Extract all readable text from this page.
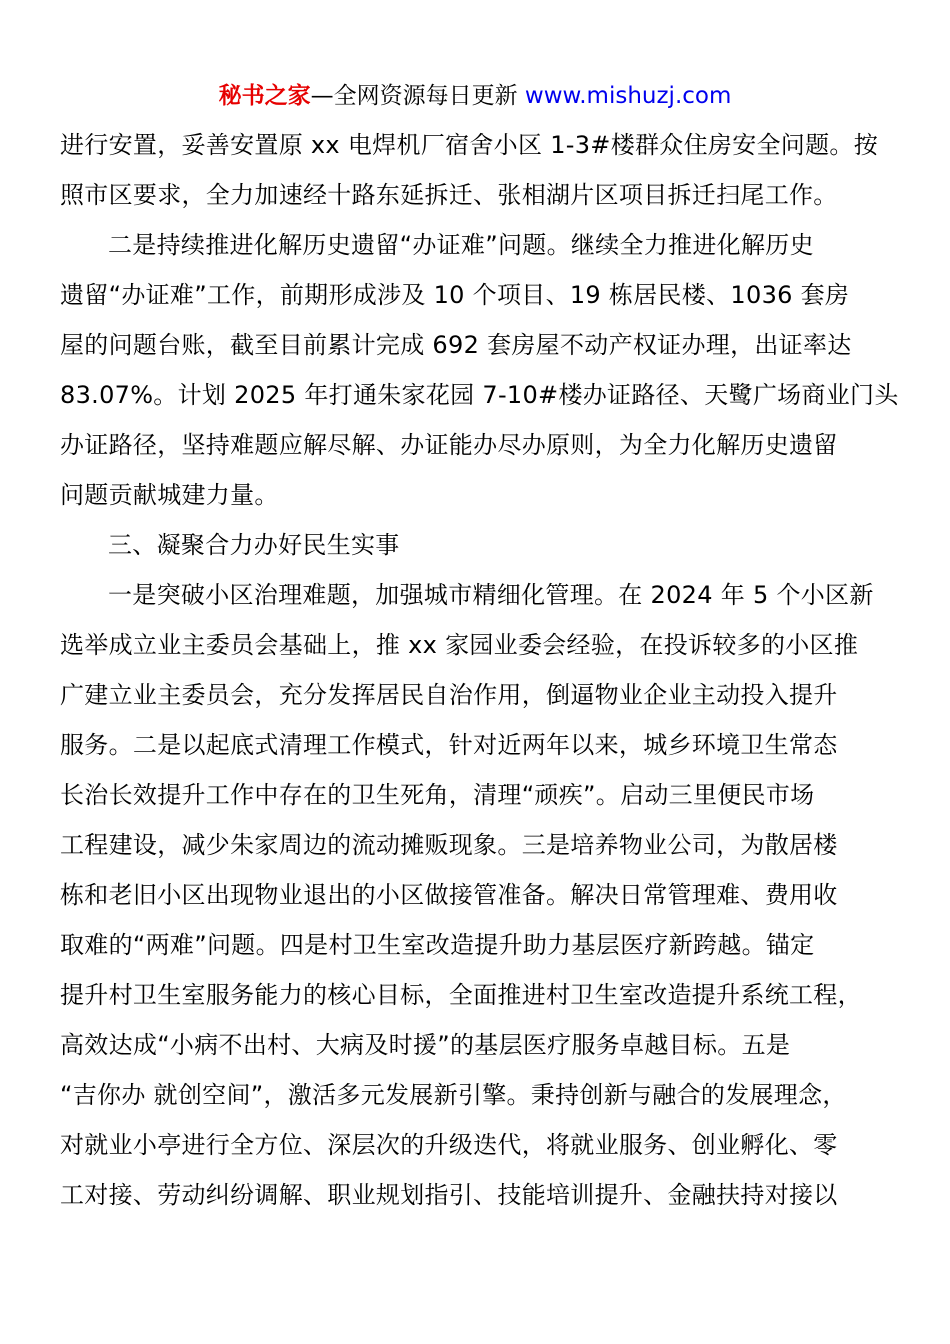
秘书之家—全网资源每日更新 www.mishuzj.com
进行安置，妥善安置原 xx 电焊机厂宿舍小区 1-3#楼群众住房安全问题。按
照市区要求，全力加速经十路东延拆迁、张相湖片区项目拆迁扫尾工作。
二是持续推进化解历史遗留“办证难”问题。继续全力推进化解历史
遗留“办证难”工作，前期形成涉及 10 个项目、19 栋居民楼、1036 套房
屋的问题台账，截至目前累计完成 692 套房屋不动产权证办理，出证率达
83.07%。计划 2025 年打通朱家花园 7-10#楼办证路径、天鹭广场商业门头
办证路径，坚持难题应解尽解、办证能办尽办原则，为全力化解历史遗留
问题贡献城建力量。
三、凝聚合力办好民生实事
一是突破小区治理难题，加强城市精细化管理。在 2024 年 5 个小区新
选举成立业主委员会基础上，推 xx 家园业委会经验，在投诉较多的小区推
广建立业主委员会，充分发挥居民自治作用，倒逼物业企业主动投入提升
服务。二是以起底式清理工作模式，针对近两年以来，城乡环境卫生常态
长治长效提升工作中存在的卫生死角，清理“顽疾”。启动三里便民市场
工程建设，减少朱家周边的流动摊贩现象。三是培养物业公司，为散居楼
栋和老旧小区出现物业退出的小区做接管准备。解决日常管理难、费用收
取难的“两难”问题。四是村卫生室改造提升助力基层医疗新跨越。锚定
提升村卫生室服务能力的核心目标，全面推进村卫生室改造提升系统工程，
高效达成“小病不出村、大病及时援”的基层医疗服务卓越目标。五是
“吉你办 就创空间”，激活多元发展新引擎。秉持创新与融合的发展理念，
对就业小亭进行全方位、深层次的升级迭代，将就业服务、创业孵化、零
工对接、劳动纠纷调解、职业规划指引、技能培训提升、金融扶持对接以
